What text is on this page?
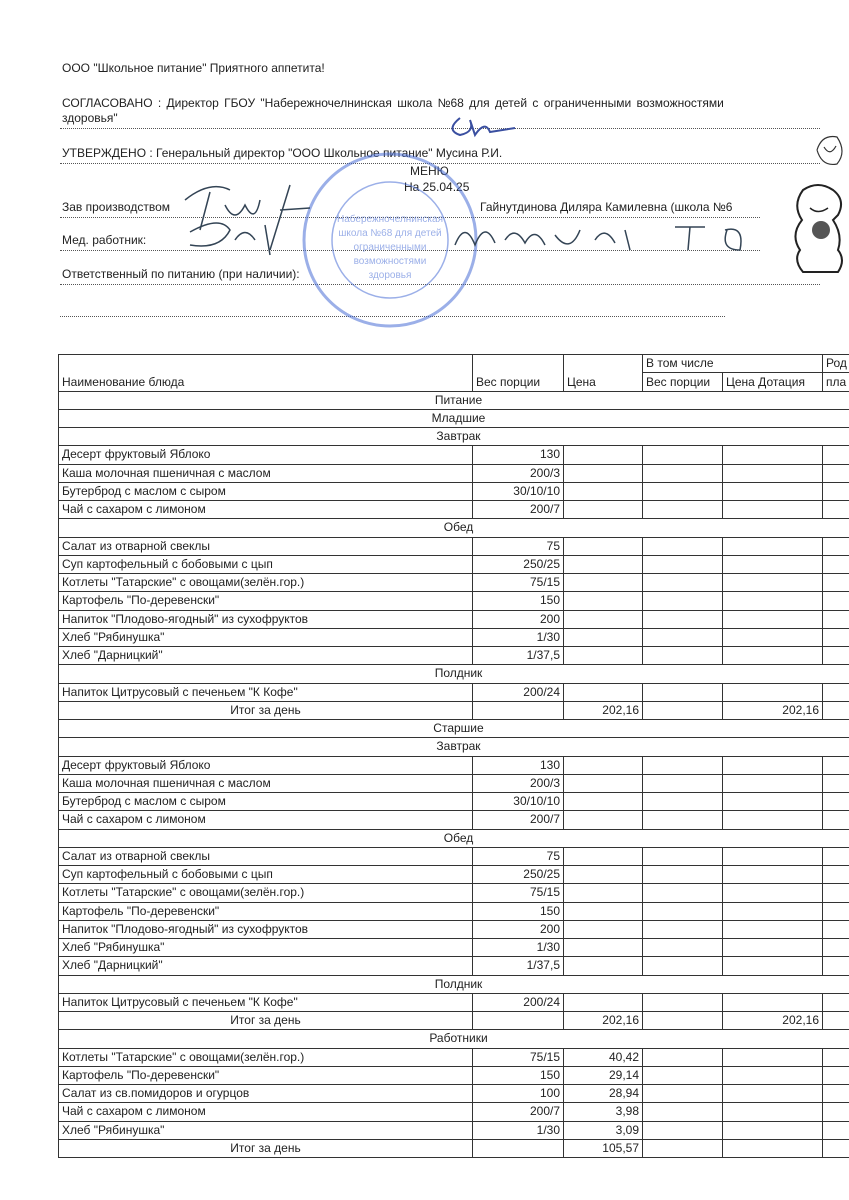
ООО "Школьное питание" Приятного аппетита!
СОГЛАСОВАНО : Директор ГБОУ "Набережночелнинская школа №68 для детей с ограниченными возможностями
здоровья"
УТВЕРЖДЕНО : Генеральный директор "ООО Школьное питание" Мусина Р.И.
МЕНЮ
На 25.04.25
Зав производством	Гайнутдинова Диляра Камилевна (школа №6
Мед. работник:
Ответственный по питанию (при наличии):
Набережночелнинская
школа №68 для детей
ограниченными
возможностями
здоровья
Наименование блюда	Вес порции	Цена	В том числе		Род
			Вес порции	Цена Дотация	пла
Питание					
Младшие					
Завтрак					
Десерт фруктовый Яблоко	130				
Каша молочная пшеничная с маслом	200/3				
Бутерброд с маслом с сыром	30/10/10				
Чай с сахаром с лимоном	200/7				
Обед					
Салат из отварной свеклы	75				
Суп картофельный с бобовыми с цып	250/25				
Котлеты "Татарские" с овощами(зелён.гор.)	75/15				
Картофель "По-деревенски"	150				
Напиток "Плодово-ягодный" из сухофруктов	200				
Хлеб "Рябинушка"	1/30				
Хлеб "Дарницкий"	1/37,5				
Полдник					
Напиток Цитрусовый с печеньем "К Кофе"	200/24				
Итог за день		202,16		202,16	
Старшие					
Завтрак					
Десерт фруктовый Яблоко	130				
Каша молочная пшеничная с маслом	200/3				
Бутерброд с маслом с сыром	30/10/10				
Чай с сахаром с лимоном	200/7				
Обед					
Салат из отварной свеклы	75				
Суп картофельный с бобовыми с цып	250/25				
Котлеты "Татарские" с овощами(зелён.гор.)	75/15				
Картофель "По-деревенски"	150				
Напиток "Плодово-ягодный" из сухофруктов	200				
Хлеб "Рябинушка"	1/30				
Хлеб "Дарницкий"	1/37,5				
Полдник					
Напиток Цитрусовый с печеньем "К Кофе"	200/24				
Итог за день		202,16		202,16	
Работники					
Котлеты "Татарские" с овощами(зелён.гор.)	75/15	40,42			
Картофель "По-деревенски"	150	29,14			
Салат из св.помидоров и огурцов	100	28,94			
Чай с сахаром с лимоном	200/7	3,98			
Хлеб "Рябинушка"	1/30	3,09			
Итог за день		105,57			
